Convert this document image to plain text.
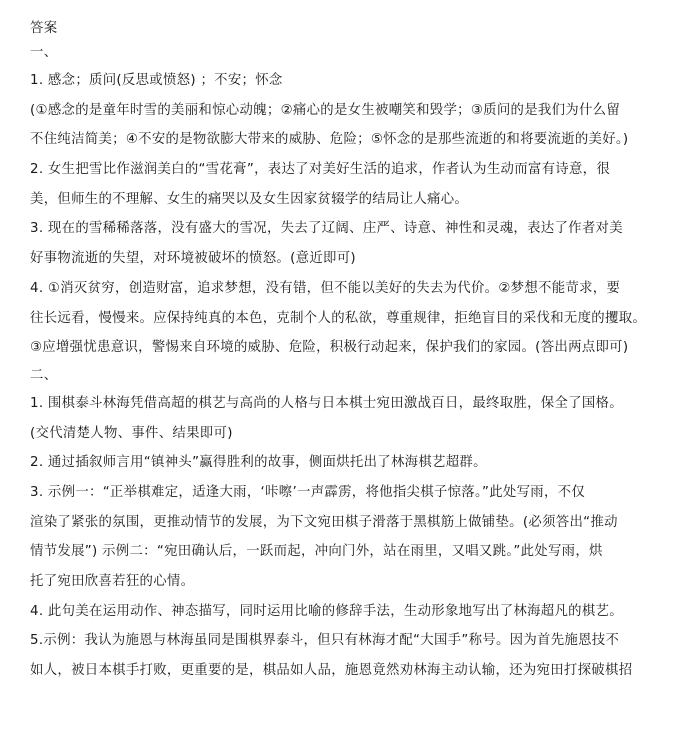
答案
一、
1. 感念；质问(反思或愤怒) ；不安；怀念
(①感念的是童年时雪的美丽和惊心动魄；②痛心的是女生被嘲笑和毁学；③质问的是我们为什么留
不住纯洁简美；④不安的是物欲膨大带来的威胁、危险；⑤怀念的是那些流逝的和将要流逝的美好。)
2. 女生把雪比作滋润美白的“雪花膏”，表达了对美好生活的追求，作者认为生动而富有诗意，很
美，但师生的不理解、女生的痛哭以及女生因家贫辍学的结局让人痛心。
3. 现在的雪稀稀落落，没有盛大的雪况，失去了辽阔、庄严、诗意、神性和灵魂，表达了作者对美
好事物流逝的失望，对环境被破坏的愤怒。(意近即可)
4. ①消灭贫穷，创造财富，追求梦想，没有错，但不能以美好的失去为代价。②梦想不能苛求，要
往长远看，慢慢来。应保持纯真的本色，克制个人的私欲，尊重规律，拒绝盲目的采伐和无度的攫取。
③应增强忧患意识，警惕来自环境的威胁、危险，积极行动起来，保护我们的家园。(答出两点即可)
二、
1. 围棋泰斗林海凭借高超的棋艺与高尚的人格与日本棋士宛田激战百日，最终取胜，保全了国格。
(交代清楚人物、事件、结果即可)
2. 通过插叙师言用“镇神头”赢得胜利的故事，侧面烘托出了林海棋艺超群。
3. 示例一：“正举棋难定，适逢大雨，‘咔嚓’一声霹雳，将他指尖棋子惊落。”此处写雨，不仅
渲染了紧张的氛围，更推动情节的发展，为下文宛田棋子滑落于黑棋筋上做铺垫。(必须答出“推动
情节发展”) 示例二：“宛田确认后，一跃而起，冲向门外，站在雨里，又唱又跳。”此处写雨，烘
托了宛田欣喜若狂的心情。
4. 此句美在运用动作、神态描写，同时运用比喻的修辞手法，生动形象地写出了林海超凡的棋艺。
5.示例：我认为施恩与林海虽同是围棋界泰斗，但只有林海才配“大国手”称号。因为首先施恩技不
如人，被日本棋手打败，更重要的是，棋品如人品，施恩竟然劝林海主动认输，还为宛田打探破棋招
